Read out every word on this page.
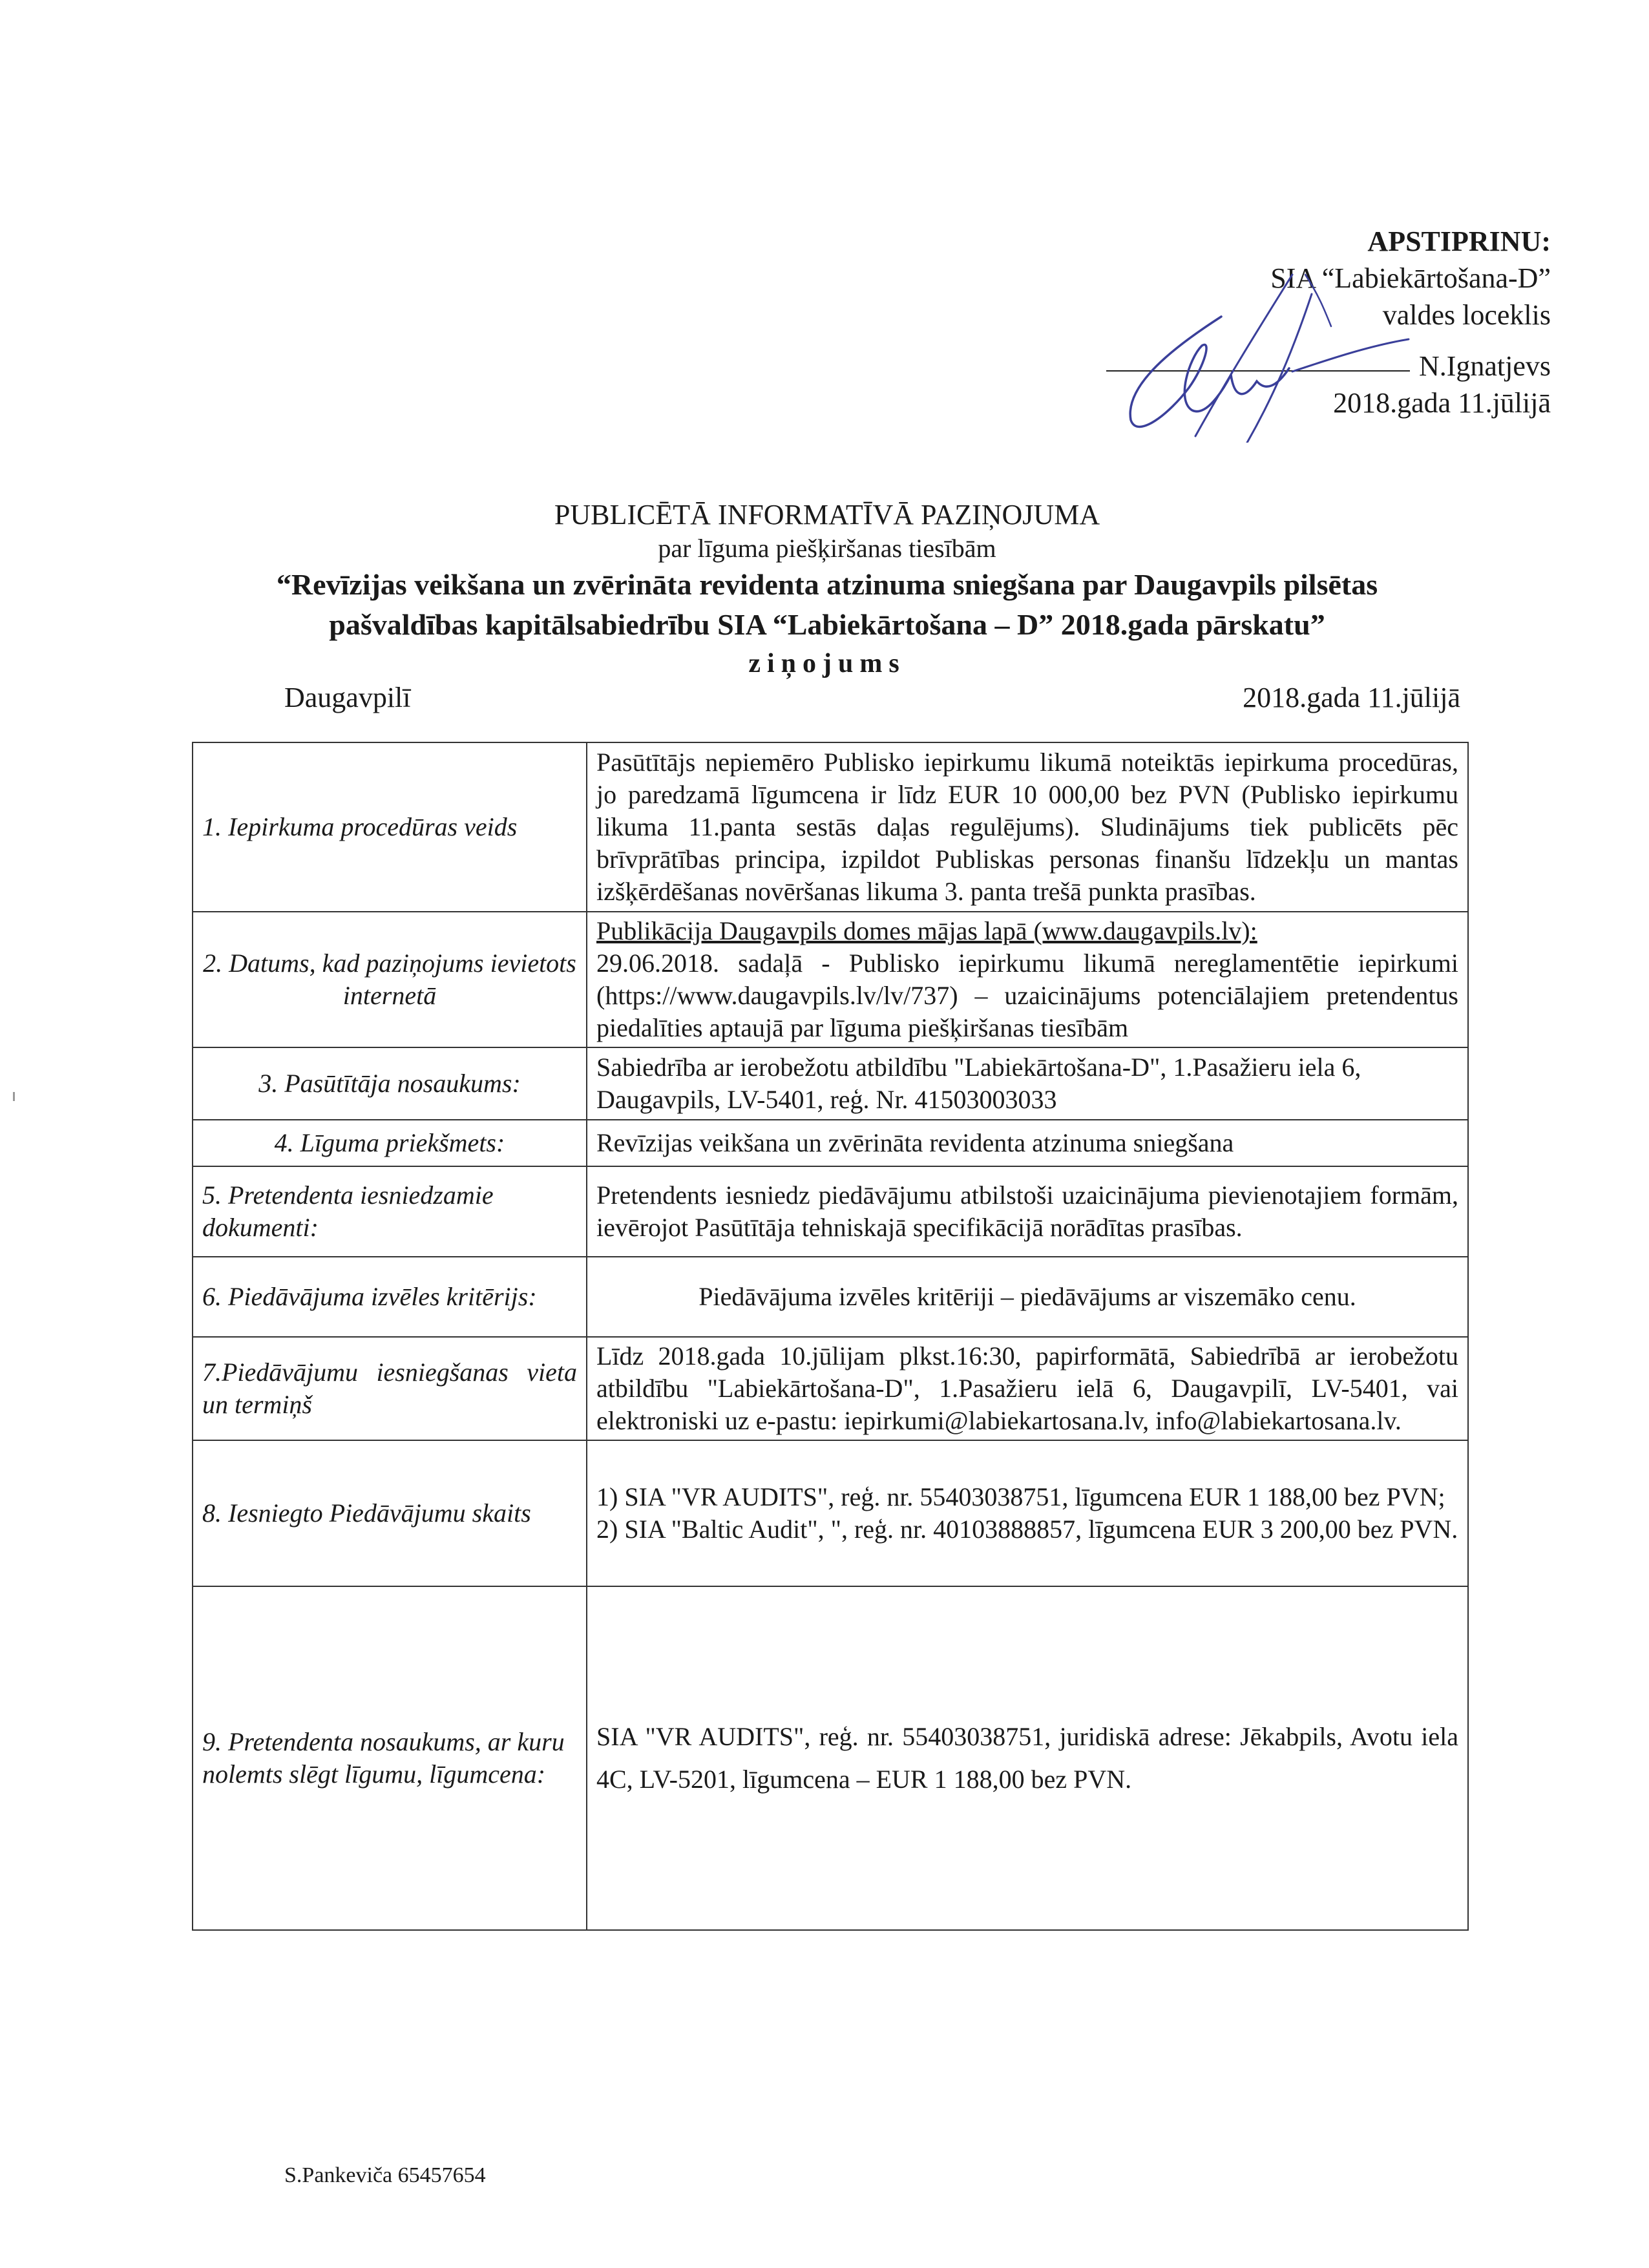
APSTIPRINU:
SIA “Labiekārtošana-D”
valdes loceklis
N.Ignatjevs
2018.gada 11.jūlijā
PUBLICĒTĀ INFORMATĪVĀ PAZIŅOJUMA
par līguma piešķiršanas tiesībām
“Revīzijas veikšana un zvērināta revidenta atzinuma sniegšana par Daugavpils pilsētas
pašvaldības kapitālsabiedrību SIA “Labiekārtošana – D” 2018.gada pārskatu”
ziņojums
Daugavpilī	2018.gada 11.jūlijā
1. Iepirkuma procedūras veids	Pasūtītājs nepiemēro Publisko iepirkumu likumā noteiktās iepirkuma procedūras, jo paredzamā līgumcena ir līdz EUR 10 000,00 bez PVN (Publisko iepirkumu likuma 11.panta sestās daļas regulējums). Sludinājums tiek publicēts pēc brīvprātības principa, izpildot Publiskas personas finanšu līdzekļu un mantas izšķērdēšanas novēršanas likuma 3. panta trešā punkta prasības.
2. Datums, kad paziņojums ievietots internetā	Publikācija Daugavpils domes mājas lapā (www.daugavpils.lv):
29.06.2018. sadaļā - Publisko iepirkumu likumā nereglamentētie iepirkumi (https://www.daugavpils.lv/lv/737) – uzaicinājums potenciālajiem pretendentus piedalīties aptaujā par līguma piešķiršanas tiesībām

3. Pasūtītāja nosaukums:	Sabiedrība ar ierobežotu atbildību "Labiekārtošana-D", 1.Pasažieru iela 6, Daugavpils, LV-5401, reģ. Nr. 41503003033
4. Līguma priekšmets:	Revīzijas veikšana un zvērināta revidenta atzinuma sniegšana
5. Pretendenta iesniedzamie dokumenti:	Pretendents iesniedz piedāvājumu atbilstoši uzaicinājuma pievienotajiem formām, ievērojot Pasūtītāja tehniskajā specifikācijā norādītas prasības.
6. Piedāvājuma izvēles kritērijs:	Piedāvājuma izvēles kritēriji – piedāvājums ar viszemāko cenu.
7.Piedāvājumu iesniegšanas vieta un termiņš	Līdz 2018.gada 10.jūlijam plkst.16:30, papirformātā, Sabiedrībā ar ierobežotu atbildību "Labiekārtošana-D", 1.Pasažieru ielā 6, Daugavpilī, LV-5401, vai elektroniski uz e-pastu: iepirkumi@labiekartosana.lv, info@labiekartosana.lv.
8. Iesniegto Piedāvājumu skaits	1) SIA "VR AUDITS", reģ. nr. 55403038751, līgumcena EUR 1 188,00 bez PVN;
2) SIA "Baltic Audit", ", reģ. nr. 40103888857, līgumcena EUR 3 200,00 bez PVN.

9. Pretendenta nosaukums, ar kuru nolemts slēgt līgumu, līgumcena:	SIA "VR AUDITS", reģ. nr. 55403038751, juridiskā adrese: Jēkabpils, Avotu iela 4C, LV-5201, līgumcena – EUR 1 188,00 bez PVN.
S.Pankeviča 65457654
